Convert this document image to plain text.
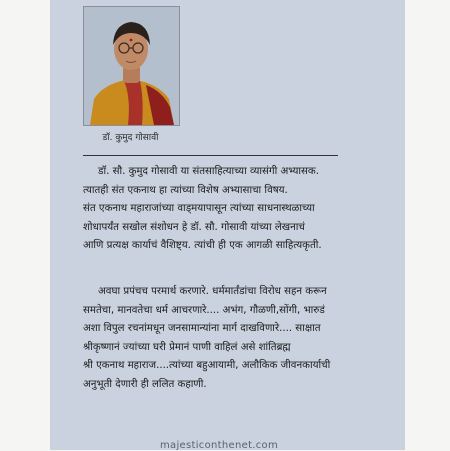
डॉ. कुमुद गोसावी

डॉ. सौ. कुमुद गोसावी या संतसाहित्याच्या व्यासंगी अभ्यासक.
त्यातही संत एकनाथ हा त्यांच्या विशेष अभ्यासाचा विषय.
संत एकनाथ महाराजांच्या वाड्‌मयापासून त्यांच्या साधनास्थळाच्या
शोधापर्यंत सखोल संशोधन हे डॉ. सौ. गोसावी यांच्या लेखनाचं
आणि प्रत्यक्ष कार्याचं वैशिष्ट्य. त्यांची ही एक आगळी साहित्यकृती.

अवघा प्रपंचच परमार्थ करणारे. धर्ममार्तंडांचा विरोध सहन करून
समतेचा, मानवतेचा धर्म आचरणारे.... अभंग, गौळणी,सोंगी, भारुडं
अशा विपुल रचनांमधून जनसामान्यांना मार्ग दाखविणारे.... साक्षात
श्रीकृष्णानं ज्यांच्या घरी प्रेमानं पाणी वाहिलं असे शांतिब्रह्म
श्री एकनाथ महाराज....त्यांच्या बहुआयामी, अलौकिक जीवनकार्याची
अनुभूती देणारी ही ललित कहाणी.

majesticonthenet.com
